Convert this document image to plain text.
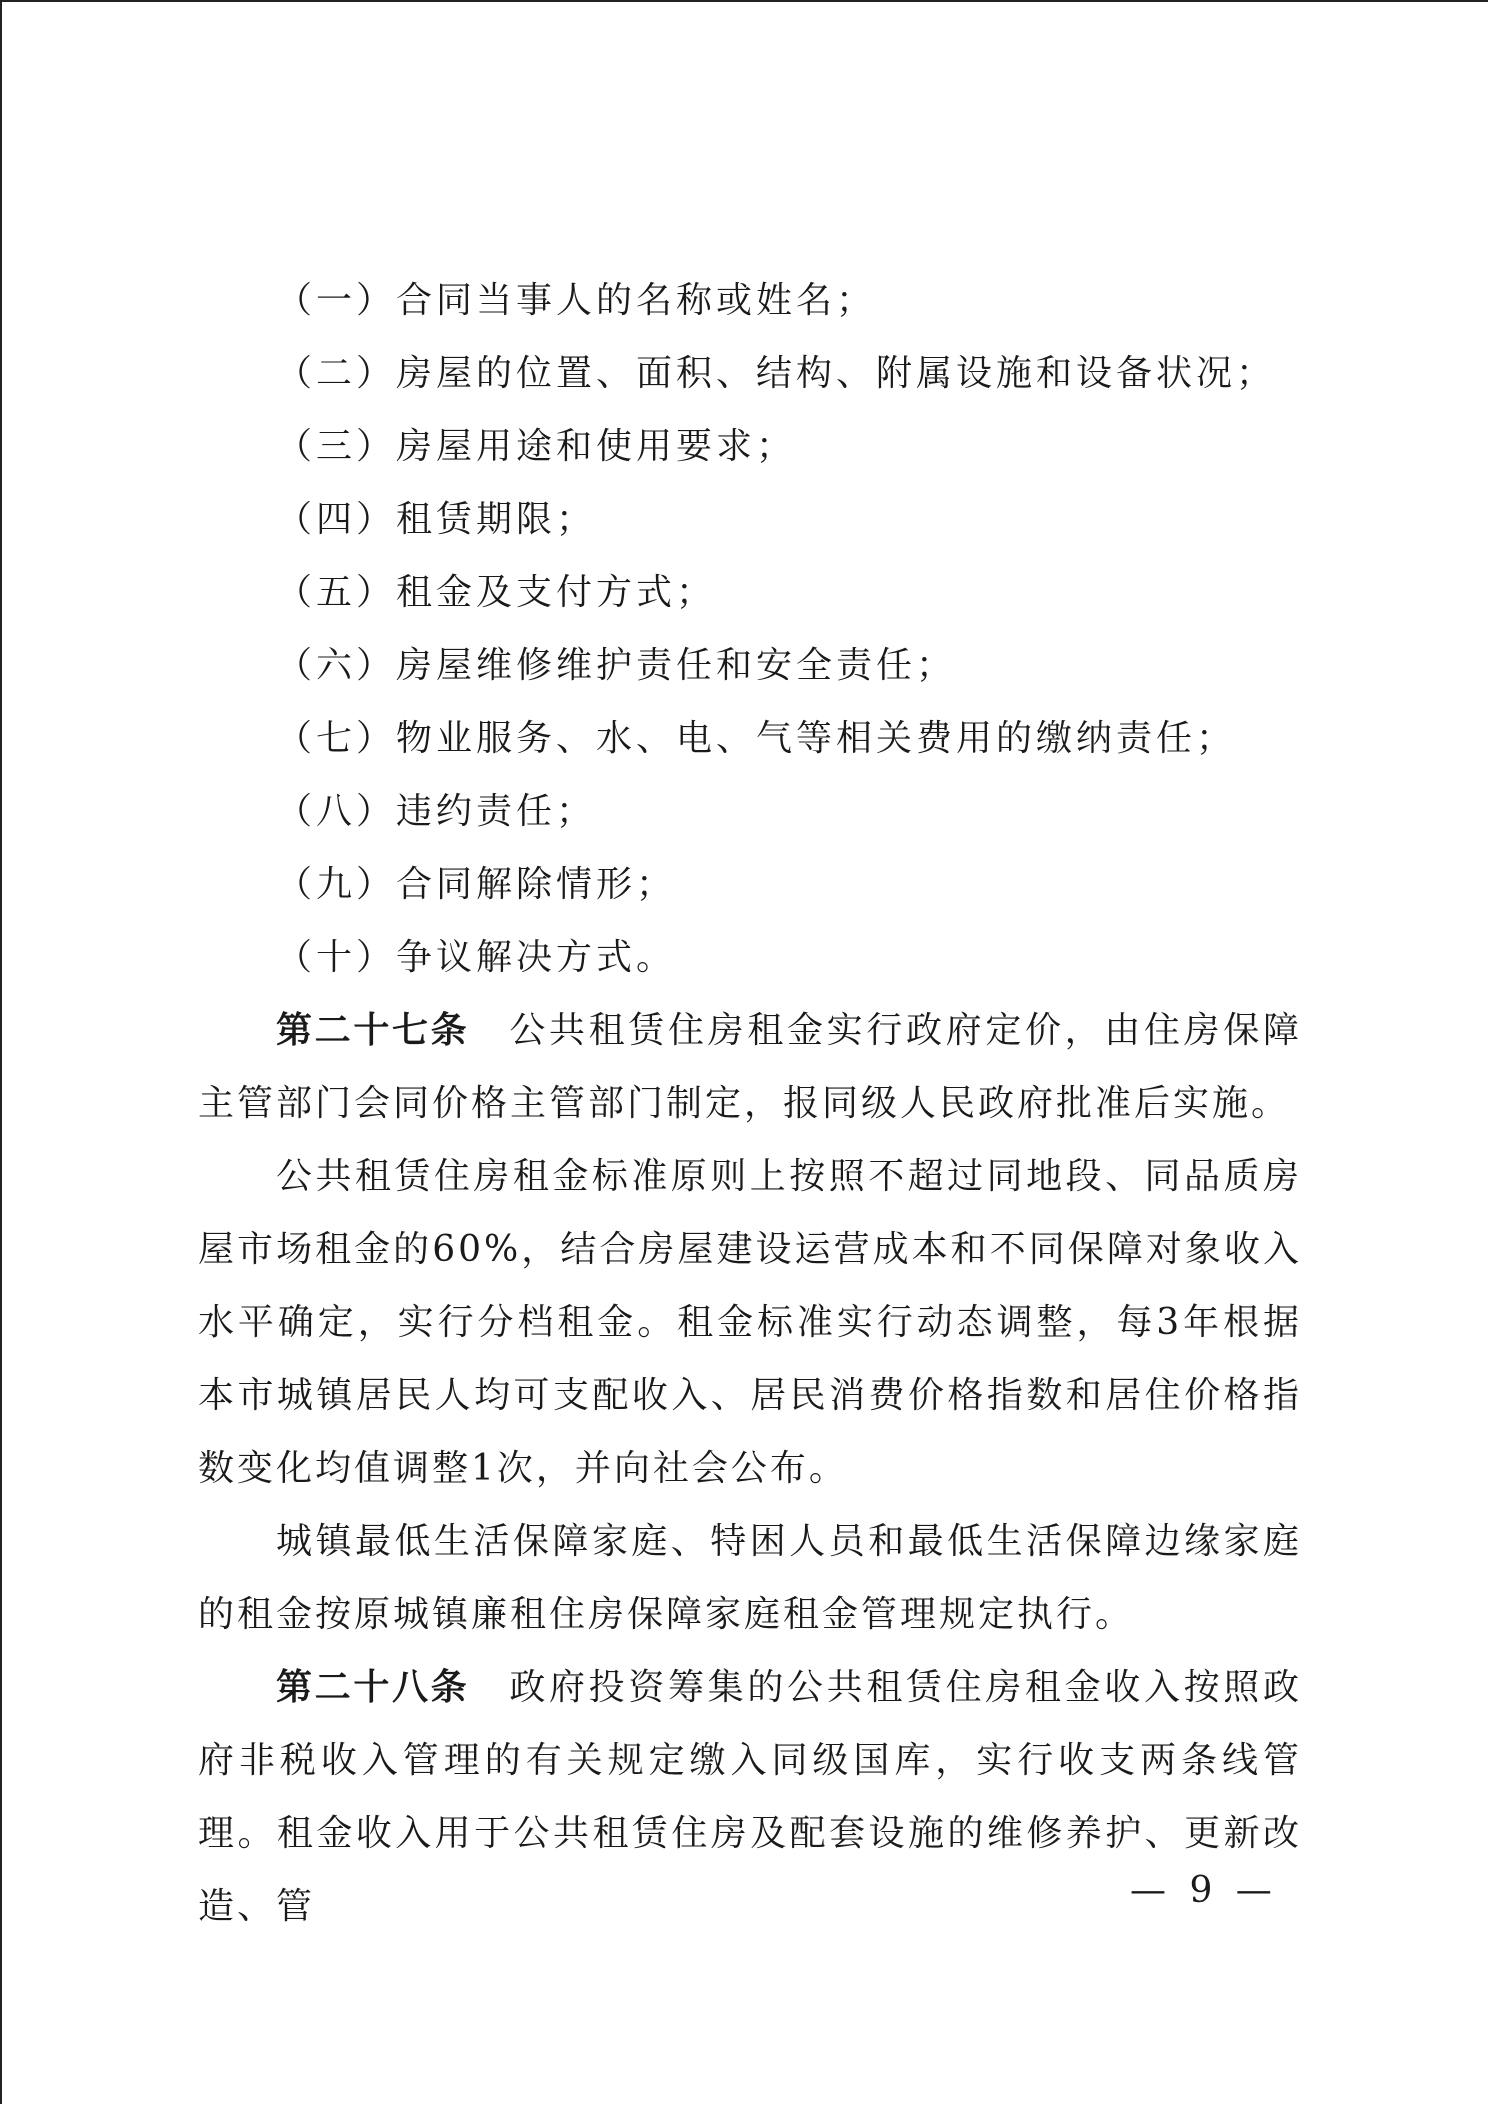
（一）合同当事人的名称或姓名；
（二）房屋的位置、面积、结构、附属设施和设备状况；
（三）房屋用途和使用要求；
（四）租赁期限；
（五）租金及支付方式；
（六）房屋维修维护责任和安全责任；
（七）物业服务、水、电、气等相关费用的缴纳责任；
（八）违约责任；
（九）合同解除情形；
（十）争议解决方式。

第二十七条 公共租赁住房租金实行政府定价，由住房保障主管部门会同价格主管部门制定，报同级人民政府批准后实施。

公共租赁住房租金标准原则上按照不超过同地段、同品质房屋市场租金的60%，结合房屋建设运营成本和不同保障对象收入水平确定，实行分档租金。租金标准实行动态调整，每3年根据本市城镇居民人均可支配收入、居民消费价格指数和居住价格指数变化均值调整1次，并向社会公布。

城镇最低生活保障家庭、特困人员和最低生活保障边缘家庭的租金按原城镇廉租住房保障家庭租金管理规定执行。

第二十八条 政府投资筹集的公共租赁住房租金收入按照政府非税收入管理的有关规定缴入同级国库，实行收支两条线管理。租金收入用于公共租赁住房及配套设施的维修养护、更新改造、管	— 9 —
